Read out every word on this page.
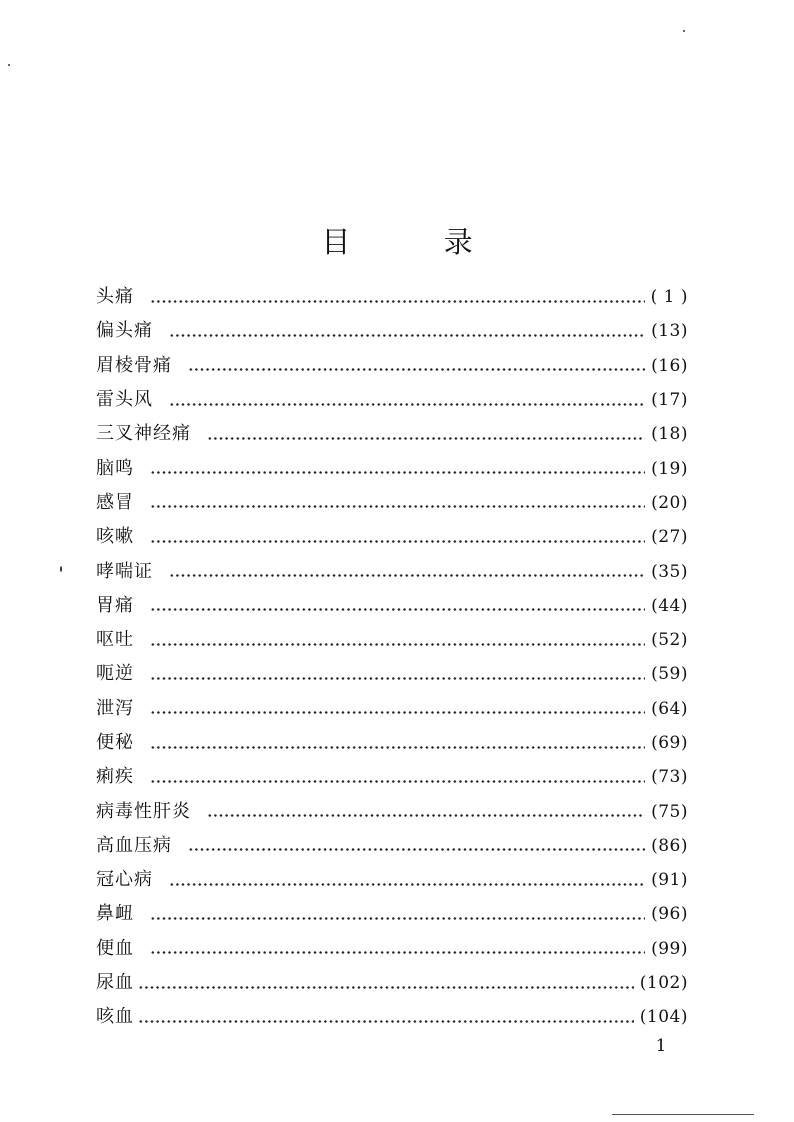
目 录
头痛	( 1 )
偏头痛	(13)
眉棱骨痛	(16)
雷头风	(17)
三叉神经痛	(18)
脑鸣	(19)
感冒	(20)
咳嗽	(27)
哮喘证	(35)
胃痛	(44)
呕吐	(52)
呃逆	(59)
泄泻	(64)
便秘	(69)
痢疾	(73)
病毒性肝炎	(75)
高血压病	(86)
冠心病	(91)
鼻衄	(96)
便血	(99)
尿血	(102)
咳血	(104)
1
